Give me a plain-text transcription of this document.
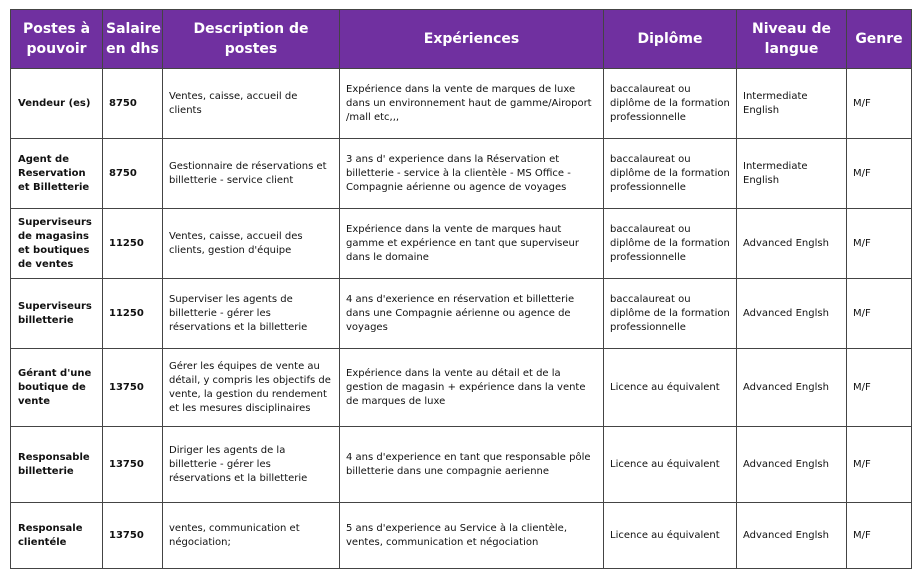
Postes à pouvoir	Salaire en dhs	Description de postes	Expériences	Diplôme	Niveau de langue	Genre
Vendeur (es)	8750	Ventes, caisse, accueil de clients	Expérience dans la vente de marques de luxe dans un environnement haut de gamme/Airoport /mall etc,,,	baccalaureat ou diplôme de la formation professionnelle	Intermediate English	M/F
Agent de Reservation et Billetterie	8750	Gestionnaire de réservations et billetterie - service client	3 ans d' experience dans la Réservation et billetterie - service à la clientèle - MS Office - Compagnie aérienne ou agence de voyages	baccalaureat ou diplôme de la formation professionnelle	Intermediate English	M/F
Superviseurs de magasins et boutiques de ventes	11250	Ventes, caisse, accueil des clients, gestion d'équipe	Expérience dans la vente de marques haut gamme et expérience en tant que superviseur dans le domaine	baccalaureat ou diplôme de la formation professionnelle	Advanced Englsh	M/F
Superviseurs billetterie	11250	Superviser les agents de billetterie - gérer les réservations et la billetterie	4 ans d'exerience en réservation et billetterie dans une Compagnie aérienne ou agence de voyages	baccalaureat ou diplôme de la formation professionnelle	Advanced Englsh	M/F
Gérant d'une boutique de vente	13750	Gérer les équipes de vente au détail, y compris les objectifs de vente, la gestion du rendement et les mesures disciplinaires	Expérience dans la vente au détail et de la gestion de magasin + expérience dans la vente de marques de luxe	Licence au équivalent	Advanced Englsh	M/F
Responsable billetterie	13750	Diriger les agents de la billetterie - gérer les réservations et la billetterie	4 ans d'experience en tant que responsable pôle billetterie dans une compagnie aerienne	Licence au équivalent	Advanced Englsh	M/F
Responsale clientéle	13750	ventes, communication et négociation;	5 ans d'experience au Service à la clientèle, ventes, communication et négociation	Licence au équivalent	Advanced Englsh	M/F
